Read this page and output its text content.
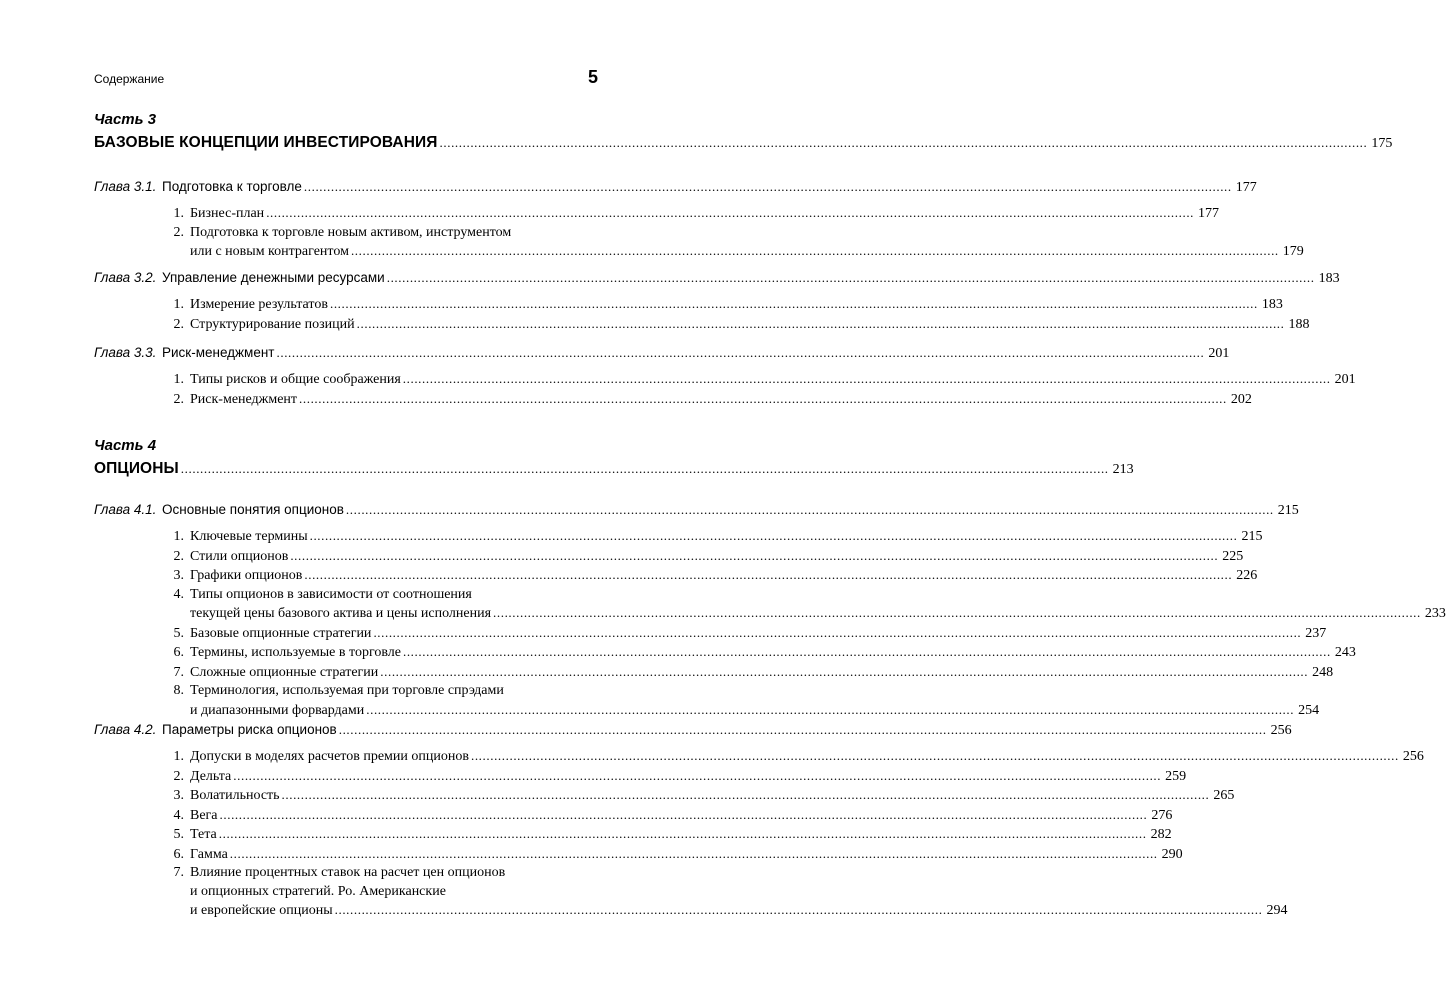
Содержание	5
Часть 3
БАЗОВЫЕ КОНЦЕПЦИИ ИНВЕСТИРОВАНИЯ .....	175
Глава 3.1. Подготовка к торговле .....	177
1. Бизнес-план .....	177
2. Подготовка к торговле новым активом, инструментом
или с новым контрагентом .....	179
Глава 3.2. Управление денежными ресурсами .....	183
1. Измерение результатов .....	183
2. Структурирование позиций .....	188
Глава 3.3. Риск-менеджмент .....	201
1. Типы рисков и общие соображения .....	201
2. Риск-менеджмент .....	202
Часть 4
ОПЦИОНЫ .....	213
Глава 4.1. Основные понятия опционов .....	215
1. Ключевые термины .....	215
2. Стили опционов .....	225
3. Графики опционов .....	226
4. Типы опционов в зависимости от соотношения
текущей цены базового актива и цены исполнения .....	233
5. Базовые опционные стратегии .....	237
6. Термины, используемые в торговле .....	243
7. Сложные опционные стратегии .....	248
8. Терминология, используемая при торговле спрэдами
и диапазонными форвардами .....	254
Глава 4.2. Параметры риска опционов .....	256
1. Допуски в моделях расчетов премии опционов .....	256
2. Дельта .....	259
3. Волатильность .....	265
4. Вега .....	276
5. Тета .....	282
6. Гамма .....	290
7. Влияние процентных ставок на расчет цен опционов
и опционных стратегий. Ро. Американские
и европейские опционы .....	294
